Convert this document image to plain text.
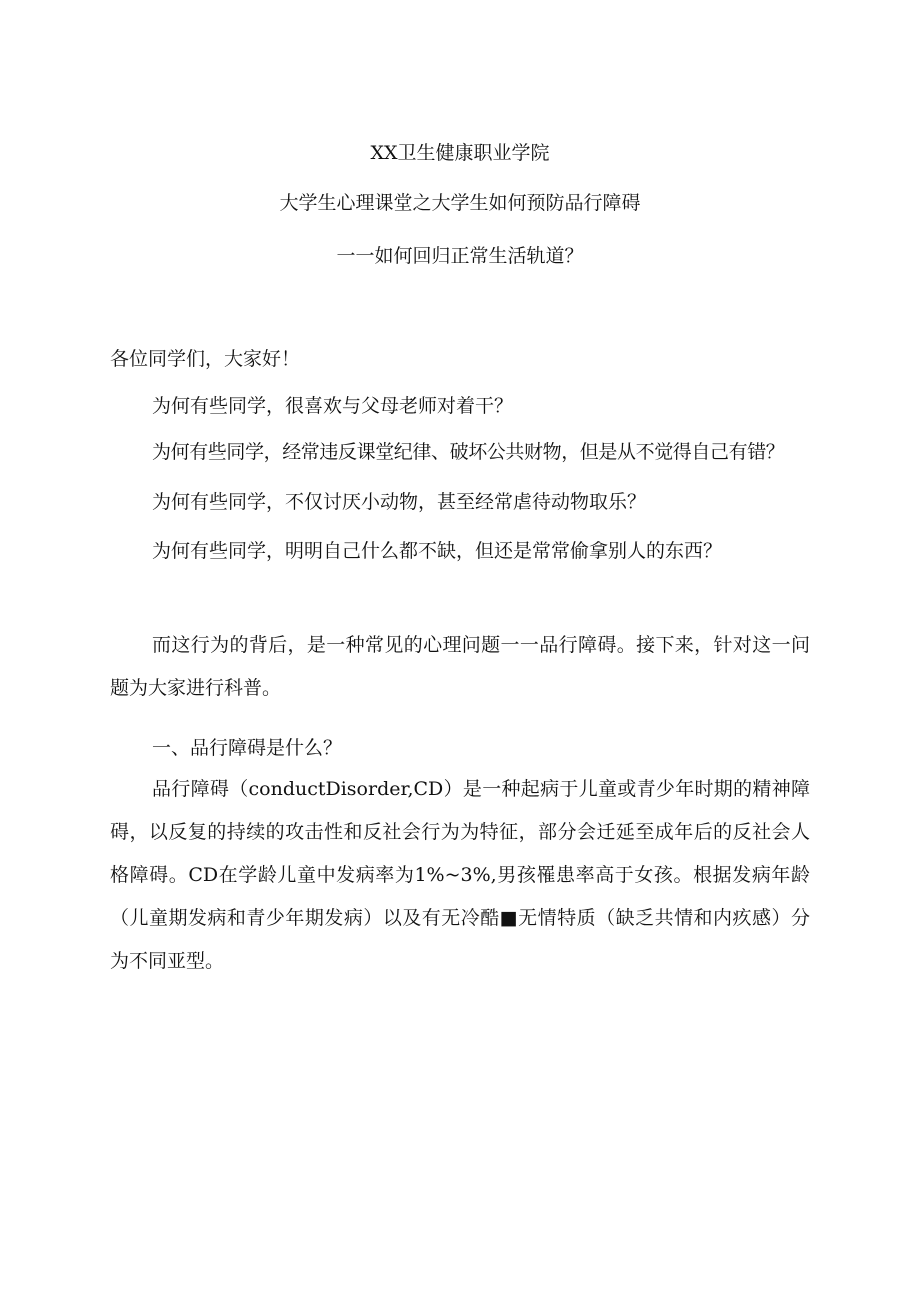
XX卫生健康职业学院
大学生心理课堂之大学生如何预防品行障碍
一一如何回归正常生活轨道？
各位同学们，大家好！
为何有些同学，很喜欢与父母老师对着干？
为何有些同学，经常违反课堂纪律、破坏公共财物，但是从不觉得自己有错？
为何有些同学，不仅讨厌小动物，甚至经常虐待动物取乐？
为何有些同学，明明自己什么都不缺，但还是常常偷拿别人的东西？
而这行为的背后，是一种常见的心理问题一一品行障碍。接下来，针对这一问题为大家进行科普。
一、品行障碍是什么？
品行障碍（conductDisorder,CD）是一种起病于儿童或青少年时期的精神障碍，以反复的持续的攻击性和反社会行为为特征，部分会迁延至成年后的反社会人格障碍。CD在学龄儿童中发病率为1%~3%,男孩罹患率高于女孩。根据发病年龄（儿童期发病和青少年期发病）以及有无冷酷■无情特质（缺乏共情和内疚感）分为不同亚型。
